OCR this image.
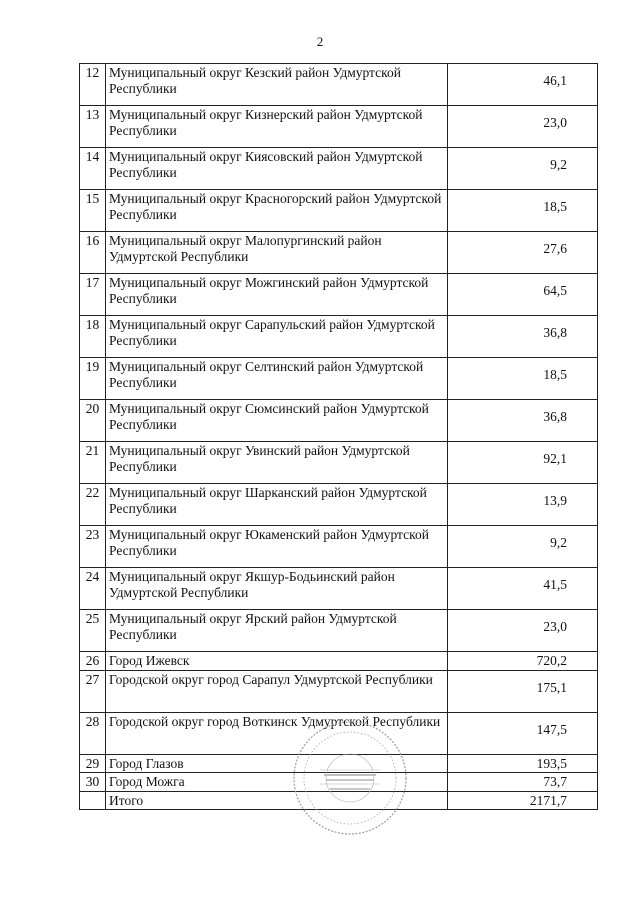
2
12	Муниципальный округ Кезский район Удмуртской Республики	46,1
13	Муниципальный округ Кизнерский район Удмуртской Республики	23,0
14	Муниципальный округ Киясовский район Удмуртской Республики	9,2
15	Муниципальный округ Красногорский район Удмуртской Республики	18,5
16	Муниципальный округ Малопургинский район Удмуртской Республики	27,6
17	Муниципальный округ Можгинский район Удмуртской Республики	64,5
18	Муниципальный округ Сарапульский район Удмуртской Республики	36,8
19	Муниципальный округ Селтинский район Удмуртской Республики	18,5
20	Муниципальный округ Сюмсинский район Удмуртской Республики	36,8
21	Муниципальный округ Увинский район Удмуртской Республики	92,1
22	Муниципальный округ Шарканский район Удмуртской Республики	13,9
23	Муниципальный округ Юкаменский район Удмуртской Республики	9,2
24	Муниципальный округ Якшур-Бодьинский район Удмуртской Республики	41,5
25	Муниципальный округ Ярский район Удмуртской Республики	23,0
26	Город Ижевск	720,2
27	Городской округ город Сарапул Удмуртской Республики	175,1
28	Городской округ город Воткинск Удмуртской Республики	147,5
29	Город Глазов	193,5
30	Город Можга	73,7
	Итого	2171,7
